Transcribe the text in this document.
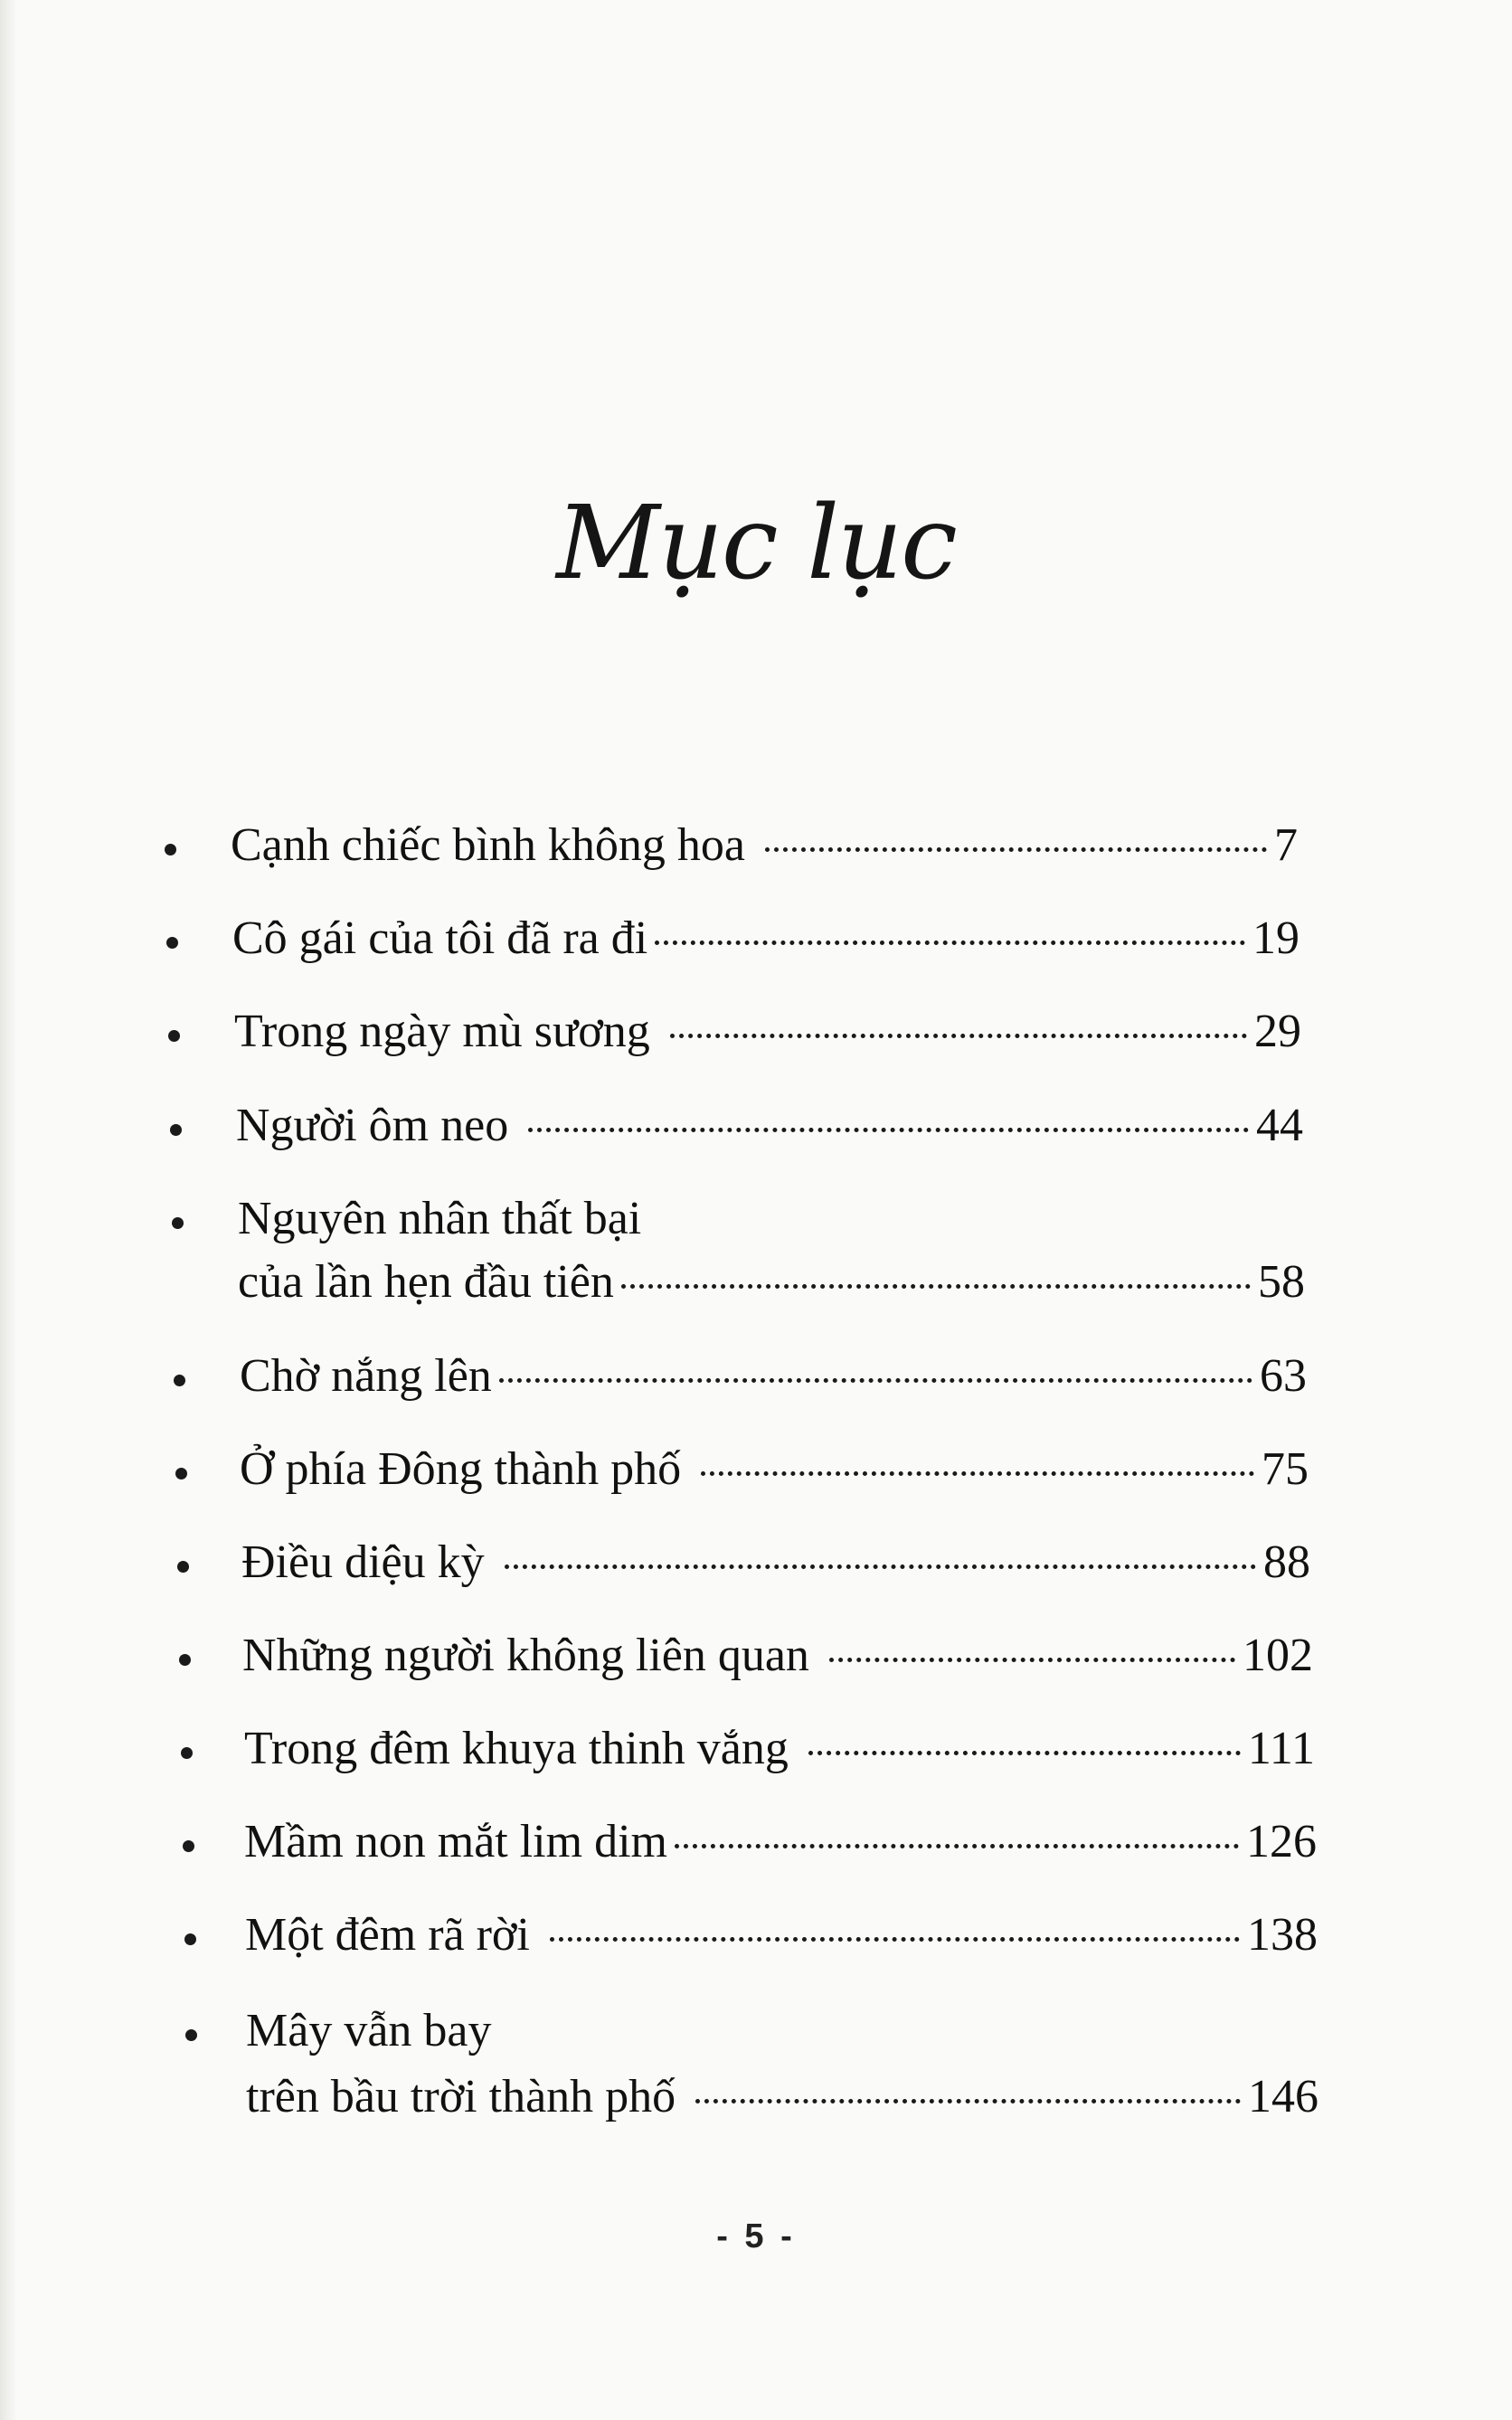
Mục lục
Cạnh chiếc bình không hoa	7
Cô gái của tôi đã ra đi	19
Trong ngày mù sương	29
Người ôm neo	44
Nguyên nhân thất bại
của lần hẹn đầu tiên	58
Chờ nắng lên	63
Ở phía Đông thành phố	75
Điều diệu kỳ	88
Những người không liên quan	102
Trong đêm khuya thinh vắng	111
Mầm non mắt lim dim	126
Một đêm rã rời	138
Mây vẫn bay
trên bầu trời thành phố	146
- 5 -
